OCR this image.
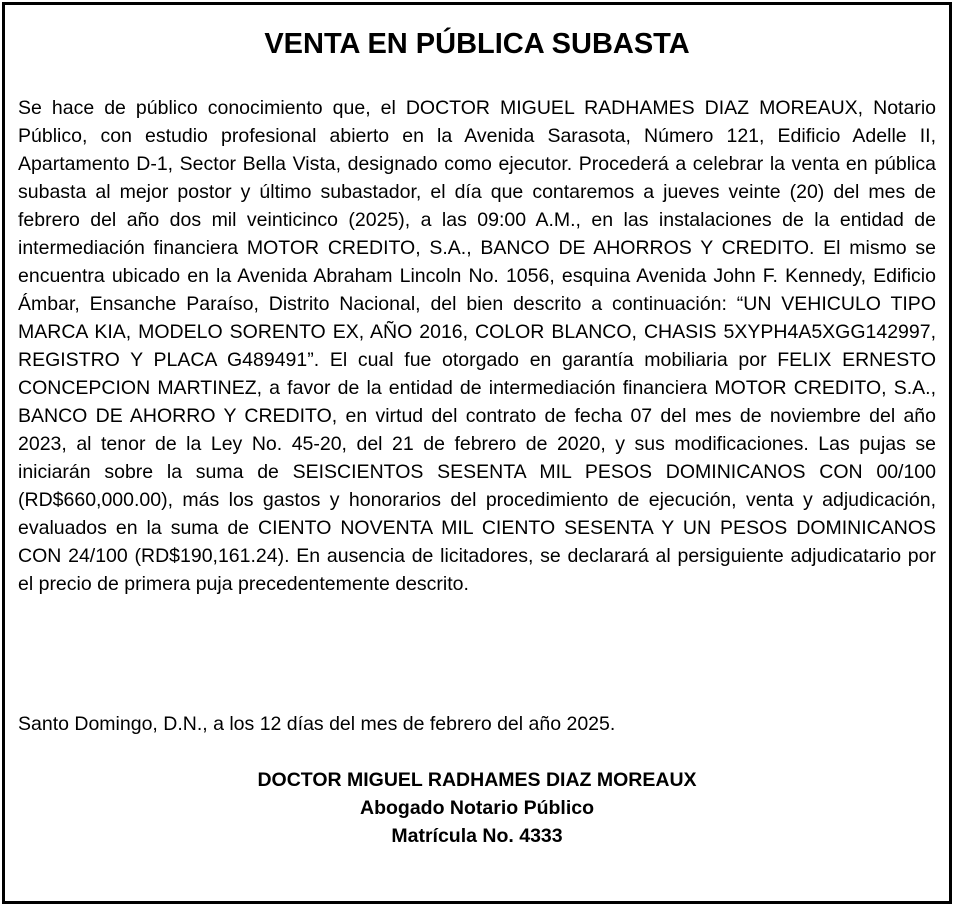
VENTA EN PÚBLICA SUBASTA

Se hace de público conocimiento que, el DOCTOR MIGUEL RADHAMES DIAZ MOREAUX, Notario Público, con estudio profesional abierto en la Avenida Sarasota, Número 121, Edificio Adelle II, Apartamento D-1, Sector Bella Vista, designado como ejecutor. Procederá a celebrar la venta en pública subasta al mejor postor y último subastador, el día que contaremos a jueves veinte (20) del mes de febrero del año dos mil veinticinco (2025), a las 09:00 A.M., en las instalaciones de la entidad de intermediación financiera MOTOR CREDITO, S.A., BANCO DE AHORROS Y CREDITO. El mismo se encuentra ubicado en la Avenida Abraham Lincoln No. 1056, esquina Avenida John F. Kennedy, Edificio Ámbar, Ensanche Paraíso, Distrito Nacional, del bien descrito a continuación: “UN VEHICULO TIPO MARCA KIA, MODELO SORENTO EX, AÑO 2016, COLOR BLANCO, CHASIS 5XYPH4A5XGG142997, REGISTRO Y PLACA G489491”. El cual fue otorgado en garantía mobiliaria por FELIX ERNESTO CONCEPCION MARTINEZ, a favor de la entidad de intermediación financiera MOTOR CREDITO, S.A., BANCO DE AHORRO Y CREDITO, en virtud del contrato de fecha 07 del mes de noviembre del año 2023, al tenor de la Ley No. 45-20, del 21 de febrero de 2020, y sus modificaciones. Las pujas se iniciarán sobre la suma de SEISCIENTOS SESENTA MIL PESOS DOMINICANOS CON 00/100 (RD$660,000.00), más los gastos y honorarios del procedimiento de ejecución, venta y adjudicación, evaluados en la suma de CIENTO NOVENTA MIL CIENTO SESENTA Y UN PESOS DOMINICANOS CON 24/100 (RD$190,161.24). En ausencia de licitadores, se declarará al persiguiente adjudicatario por el precio de primera puja precedentemente descrito.

Santo Domingo, D.N., a los 12 días del mes de febrero del año 2025.

DOCTOR MIGUEL RADHAMES DIAZ MOREAUX
Abogado Notario Público
Matrícula No. 4333
